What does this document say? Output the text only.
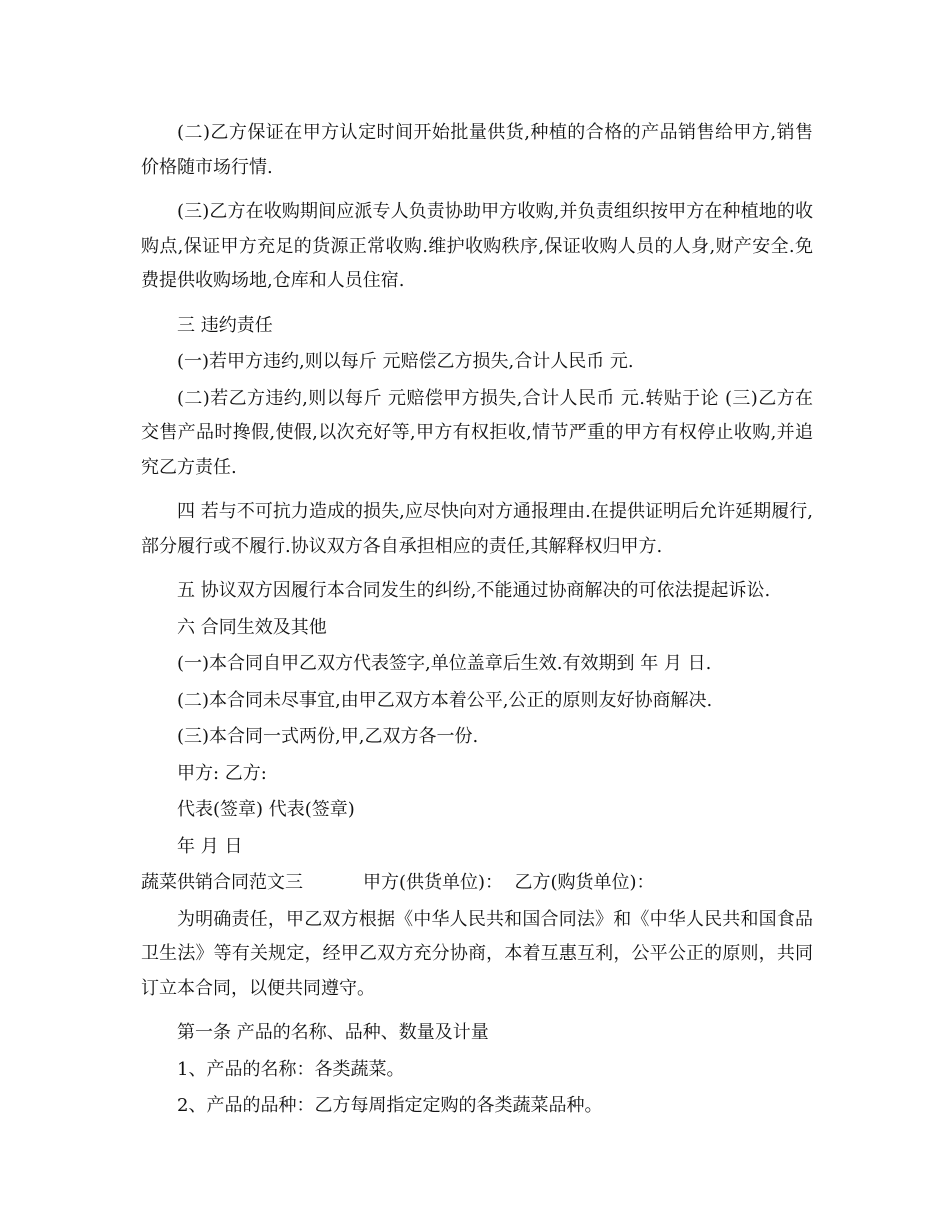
(二)乙方保证在甲方认定时间开始批量供货,种植的合格的产品销售给甲方,销售价格随市场行情.

(三)乙方在收购期间应派专人负责协助甲方收购,并负责组织按甲方在种植地的收购点,保证甲方充足的货源正常收购.维护收购秩序,保证收购人员的人身,财产安全.免费提供收购场地,仓库和人员住宿.

三 违约责任

(一)若甲方违约,则以每斤 元赔偿乙方损失,合计人民币 元.

(二)若乙方违约,则以每斤 元赔偿甲方损失,合计人民币 元.转贴于论 (三)乙方在交售产品时搀假,使假,以次充好等,甲方有权拒收,情节严重的甲方有权停止收购,并追究乙方责任.

四 若与不可抗力造成的损失,应尽快向对方通报理由.在提供证明后允许延期履行,部分履行或不履行.协议双方各自承担相应的责任,其解释权归甲方.

五 协议双方因履行本合同发生的纠纷,不能通过协商解决的可依法提起诉讼.

六 合同生效及其他

(一)本合同自甲乙双方代表签字,单位盖章后生效.有效期到 年 月 日.

(二)本合同未尽事宜,由甲乙双方本着公平,公正的原则友好协商解决.

(三)本合同一式两份,甲,乙双方各一份.

甲方: 乙方:

代表(签章) 代表(签章)

年 月 日

蔬菜供销合同范文三	甲方(供货单位)： 乙方(购货单位)：

为明确责任，甲乙双方根据《中华人民共和国合同法》和《中华人民共和国食品卫生法》等有关规定，经甲乙双方充分协商，本着互惠互利，公平公正的原则，共同订立本合同，以便共同遵守。

第一条 产品的名称、品种、数量及计量

1、产品的名称：各类蔬菜。

2、产品的品种：乙方每周指定定购的各类蔬菜品种。
